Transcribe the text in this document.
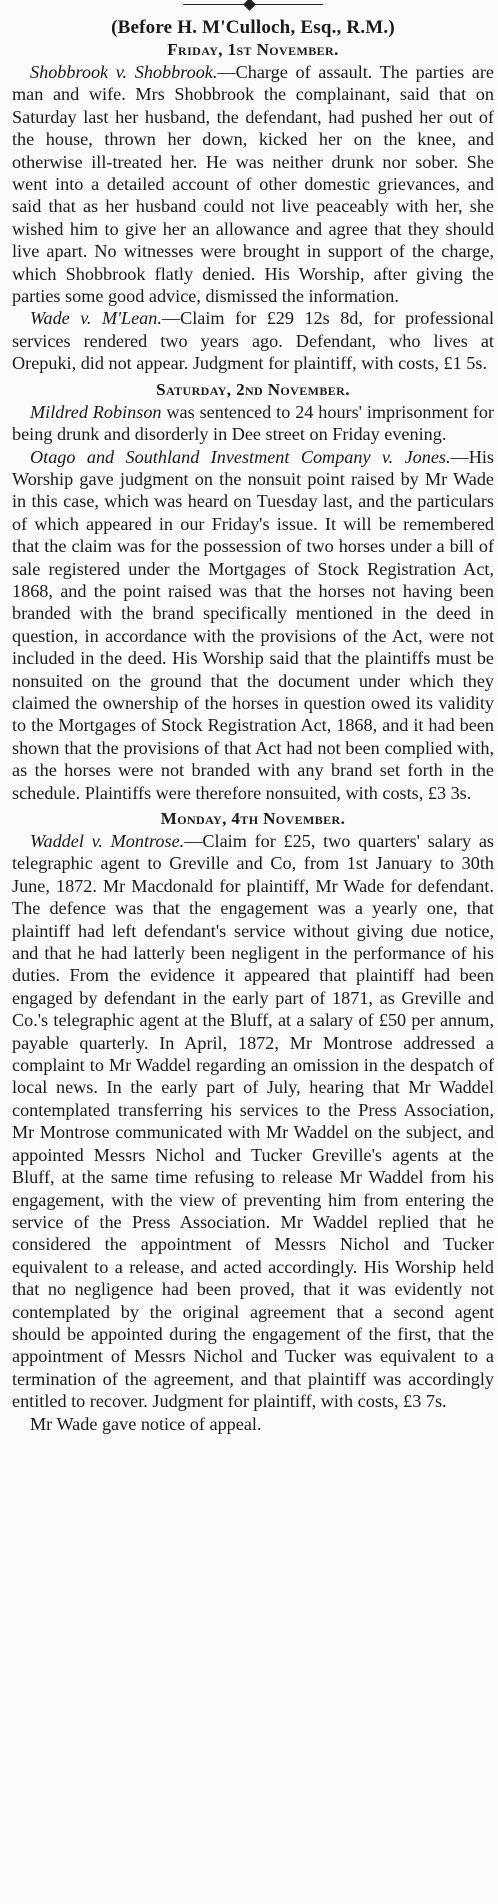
(Before H. M'Culloch, Esq., R.M.)
Friday, 1st November.

Shobbrook v. Shobbrook.—Charge of assault. The parties are man and wife. Mrs Shobbrook the complainant, said that on Saturday last her husband, the defendant, had pushed her out of the house, thrown her down, kicked her on the knee, and otherwise ill-treated her. He was neither drunk nor sober. She went into a detailed account of other domestic grievances, and said that as her husband could not live peaceably with her, she wished him to give her an allowance and agree that they should live apart. No witnesses were brought in support of the charge, which Shobbrook flatly denied. His Worship, after giving the parties some good advice, dismissed the information.

Wade v. M'Lean.—Claim for £29 12s 8d, for professional services rendered two years ago. Defendant, who lives at Orepuki, did not appear. Judgment for plaintiff, with costs, £1 5s.

Saturday, 2nd November.

Mildred Robinson was sentenced to 24 hours' imprisonment for being drunk and disorderly in Dee street on Friday evening.

Otago and Southland Investment Company v. Jones.—His Worship gave judgment on the nonsuit point raised by Mr Wade in this case, which was heard on Tuesday last, and the particulars of which appeared in our Friday's issue. It will be remembered that the claim was for the possession of two horses under a bill of sale registered under the Mortgages of Stock Registration Act, 1868, and the point raised was that the horses not having been branded with the brand specifically mentioned in the deed in question, in accordance with the provisions of the Act, were not included in the deed. His Worship said that the plaintiffs must be nonsuited on the ground that the document under which they claimed the ownership of the horses in question owed its validity to the Mortgages of Stock Registration Act, 1868, and it had been shown that the provisions of that Act had not been complied with, as the horses were not branded with any brand set forth in the schedule. Plaintiffs were therefore nonsuited, with costs, £3 3s.

Monday, 4th November.

Waddel v. Montrose.—Claim for £25, two quarters' salary as telegraphic agent to Greville and Co, from 1st January to 30th June, 1872. Mr Macdonald for plaintiff, Mr Wade for defendant. The defence was that the engagement was a yearly one, that plaintiff had left defendant's service without giving due notice, and that he had latterly been negligent in the performance of his duties. From the evidence it appeared that plaintiff had been engaged by defendant in the early part of 1871, as Greville and Co.'s telegraphic agent at the Bluff, at a salary of £50 per annum, payable quarterly. In April, 1872, Mr Montrose addressed a complaint to Mr Waddel regarding an omission in the despatch of local news. In the early part of July, hearing that Mr Waddel contemplated transferring his services to the Press Association, Mr Montrose communicated with Mr Waddel on the subject, and appointed Messrs Nichol and Tucker Greville's agents at the Bluff, at the same time refusing to release Mr Waddel from his engagement, with the view of preventing him from entering the service of the Press Association. Mr Waddel replied that he considered the appointment of Messrs Nichol and Tucker equivalent to a release, and acted accordingly. His Worship held that no negligence had been proved, that it was evidently not contemplated by the original agreement that a second agent should be appointed during the engagement of the first, that the appointment of Messrs Nichol and Tucker was equivalent to a termination of the agreement, and that plaintiff was accordingly entitled to recover. Judgment for plaintiff, with costs, £3 7s.

Mr Wade gave notice of appeal.
